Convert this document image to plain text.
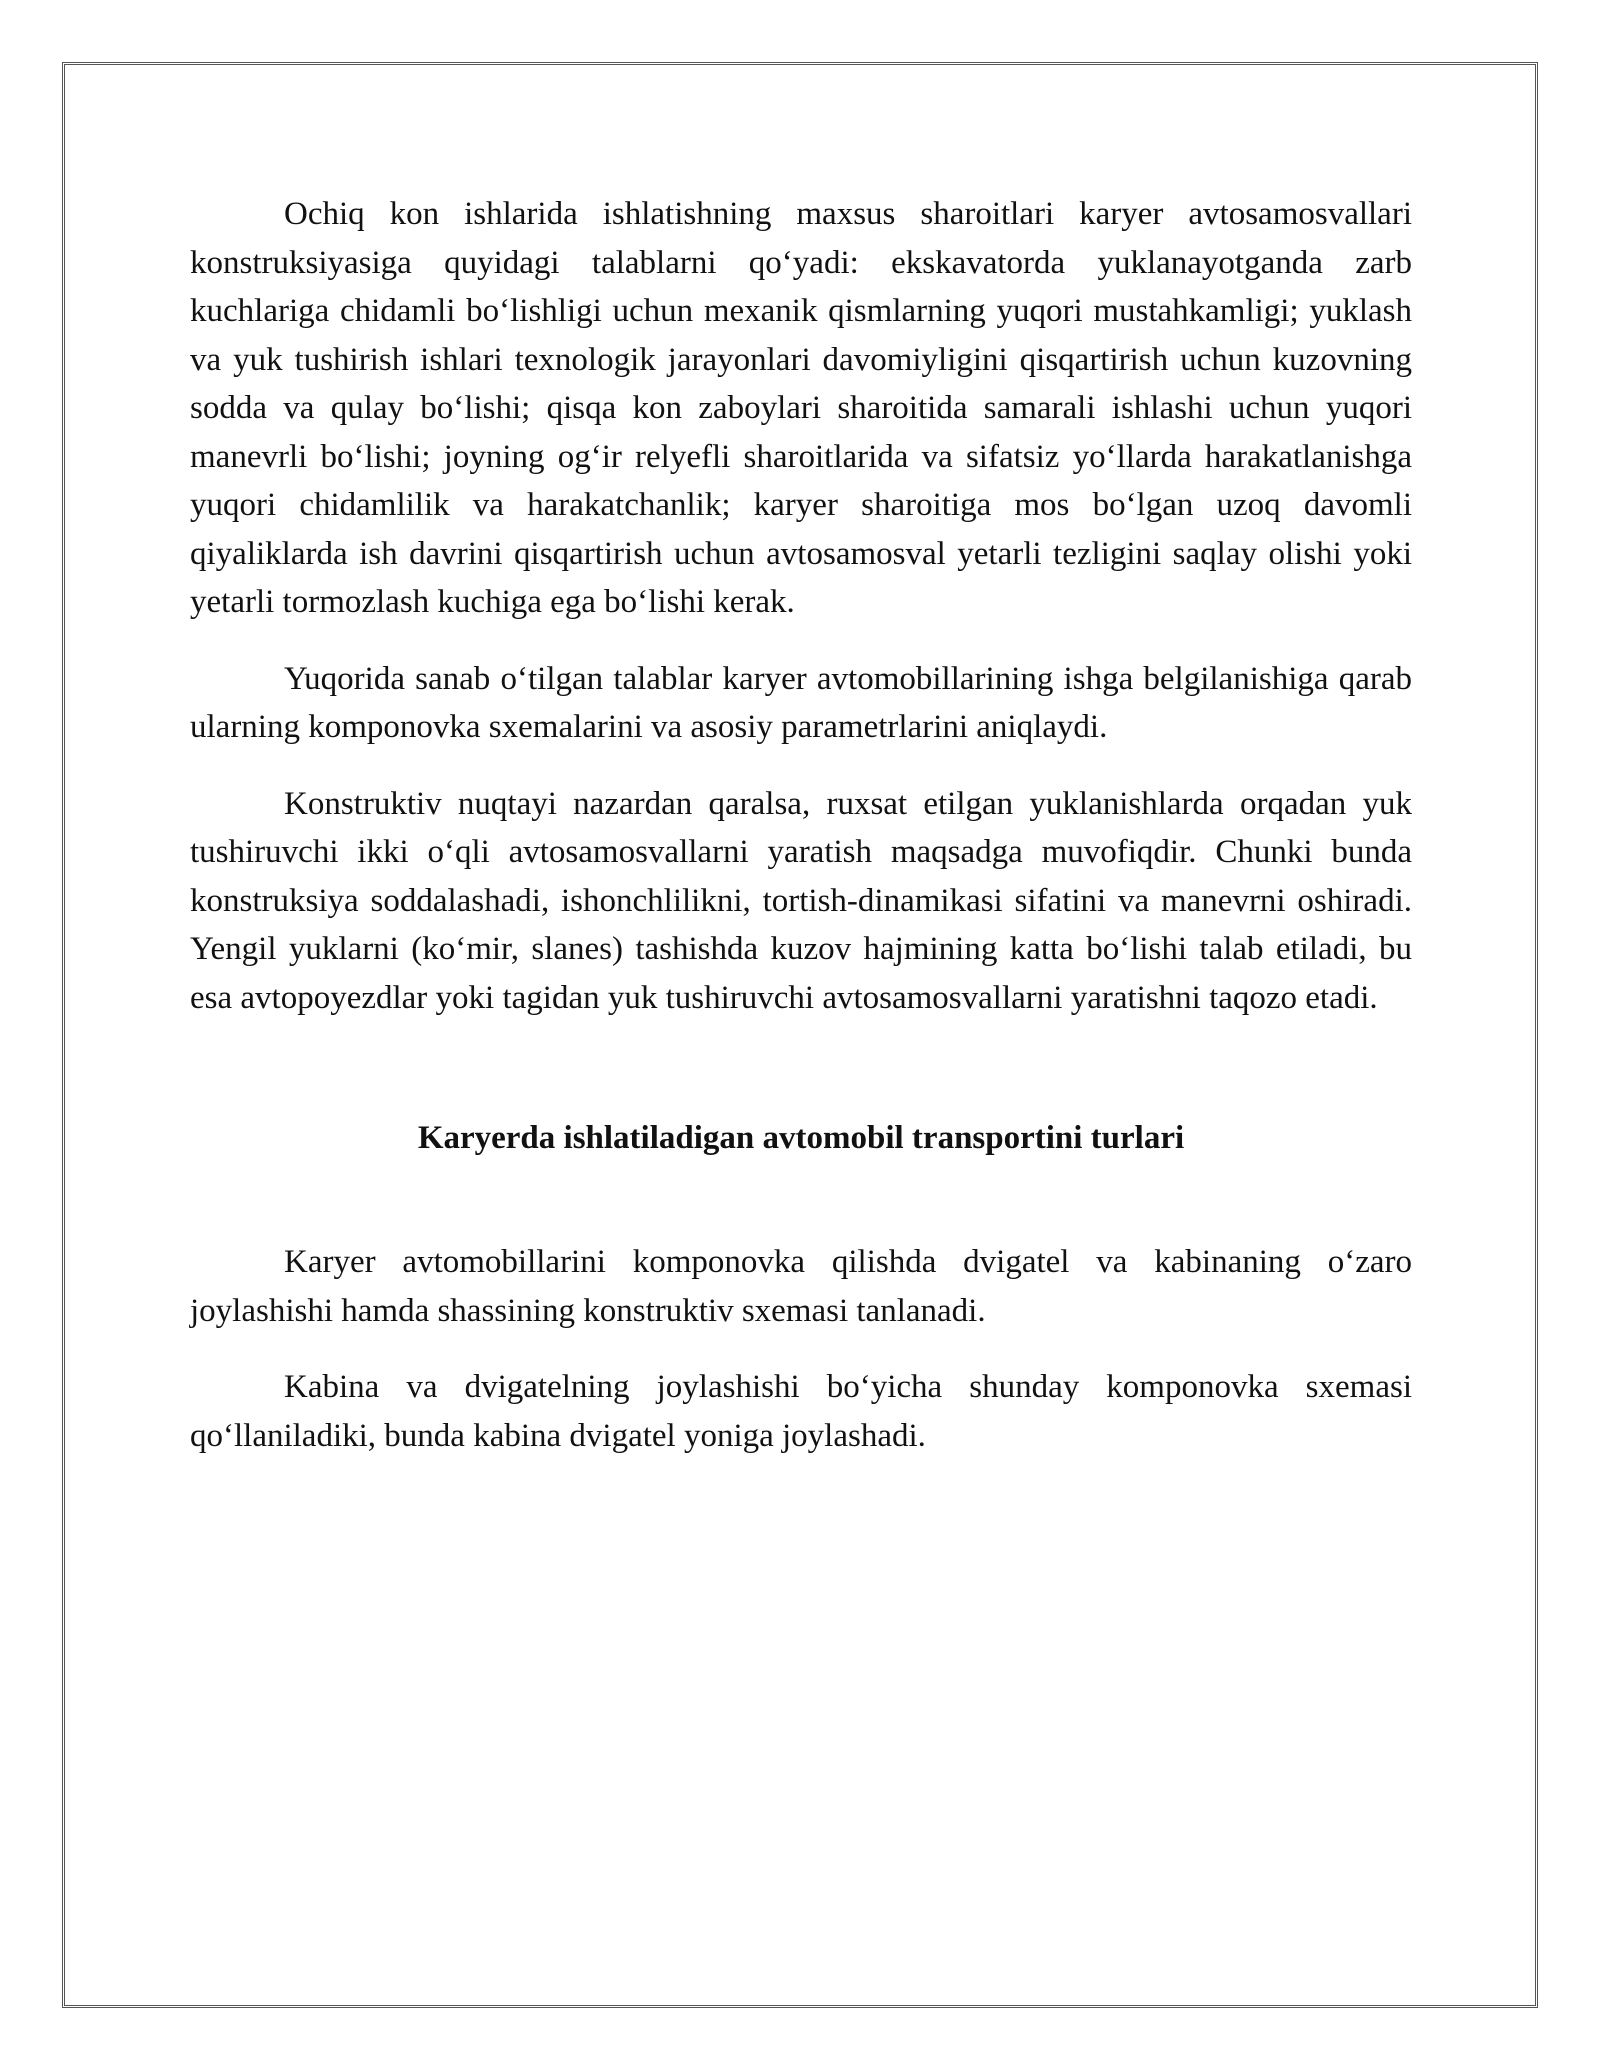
Ochiq kon ishlarida ishlatishning maxsus sharoitlari karyer avtosamosvallari konstruksiyasiga quyidagi talablarni qo‘yadi: ekskavatorda yuklanayotganda zarb kuchlariga chidamli bo‘lishligi uchun mexanik qismlarning yuqori mustahkamligi; yuklash va yuk tushirish ishlari texnologik jarayonlari davomiyligini qisqartirish uchun kuzovning sodda va qulay bo‘lishi; qisqa kon zaboylari sharoitida samarali ishlashi uchun yuqori manevrli bo‘lishi; joyning og‘ir relyefli sharoitlarida va sifatsiz yo‘llarda harakatlanishga yuqori chidamlilik va harakatchanlik; karyer sharoitiga mos bo‘lgan uzoq davomli qiyaliklarda ish davrini qisqartirish uchun avtosamosval yetarli tezligini saqlay olishi yoki yetarli tormozlash kuchiga ega bo‘lishi kerak.

Yuqorida sanab o‘tilgan talablar karyer avtomobillarining ishga belgilanishiga qarab ularning komponovka sxemalarini va asosiy parametrlarini aniqlaydi.

Konstruktiv nuqtayi nazardan qaralsa, ruxsat etilgan yuklanishlarda orqadan yuk tushiruvchi ikki o‘qli avtosamosvallarni yaratish maqsadga muvofiqdir. Chunki bunda konstruksiya soddalashadi, ishonchlilikni, tortish-dinamikasi sifatini va manevrni oshiradi. Yengil yuklarni (ko‘mir, slanes) tashishda kuzov hajmining katta bo‘lishi talab etiladi, bu esa avtopoyezdlar yoki tagidan yuk tushiruvchi avtosamosvallarni yaratishni taqozo etadi.

Karyerda ishlatiladigan avtomobil transportini turlari

Karyer avtomobillarini komponovka qilishda dvigatel va kabinaning o‘zaro joylashishi hamda shassining konstruktiv sxemasi tanlanadi.

Kabina va dvigatelning joylashishi bo‘yicha shunday komponovka sxemasi qo‘llaniladiki, bunda kabina dvigatel yoniga joylashadi.
